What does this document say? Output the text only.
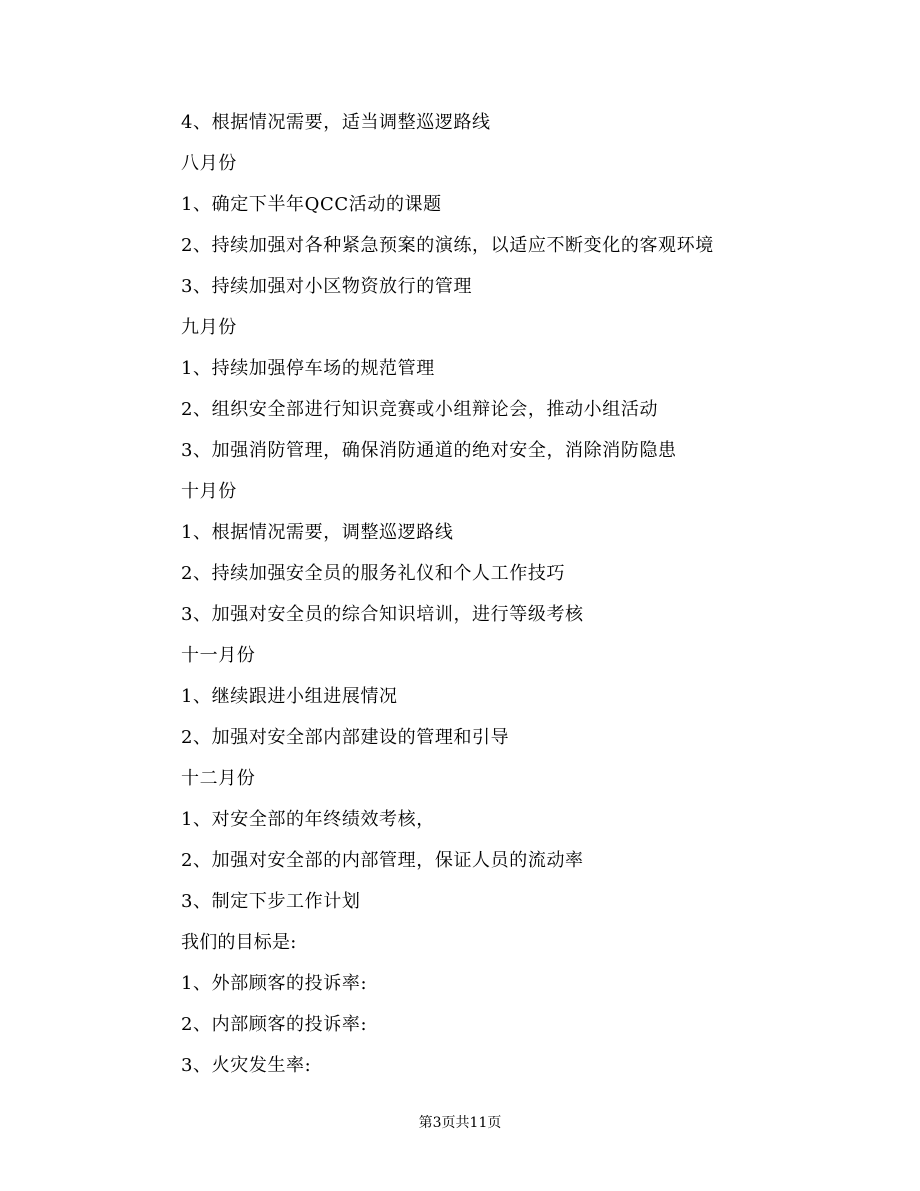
4、根据情况需要，适当调整巡逻路线
八月份
1、确定下半年QCC活动的课题
2、持续加强对各种紧急预案的演练，以适应不断变化的客观环境
3、持续加强对小区物资放行的管理
九月份
1、持续加强停车场的规范管理
2、组织安全部进行知识竞赛或小组辩论会，推动小组活动
3、加强消防管理，确保消防通道的绝对安全，消除消防隐患
十月份
1、根据情况需要，调整巡逻路线
2、持续加强安全员的服务礼仪和个人工作技巧
3、加强对安全员的综合知识培训，进行等级考核
十一月份
1、继续跟进小组进展情况
2、加强对安全部内部建设的管理和引导
十二月份
1、对安全部的年终绩效考核，
2、加强对安全部的内部管理，保证人员的流动率
3、制定下步工作计划
我们的目标是:
1、外部顾客的投诉率:
2、内部顾客的投诉率:
3、火灾发生率:
第3页共11页
